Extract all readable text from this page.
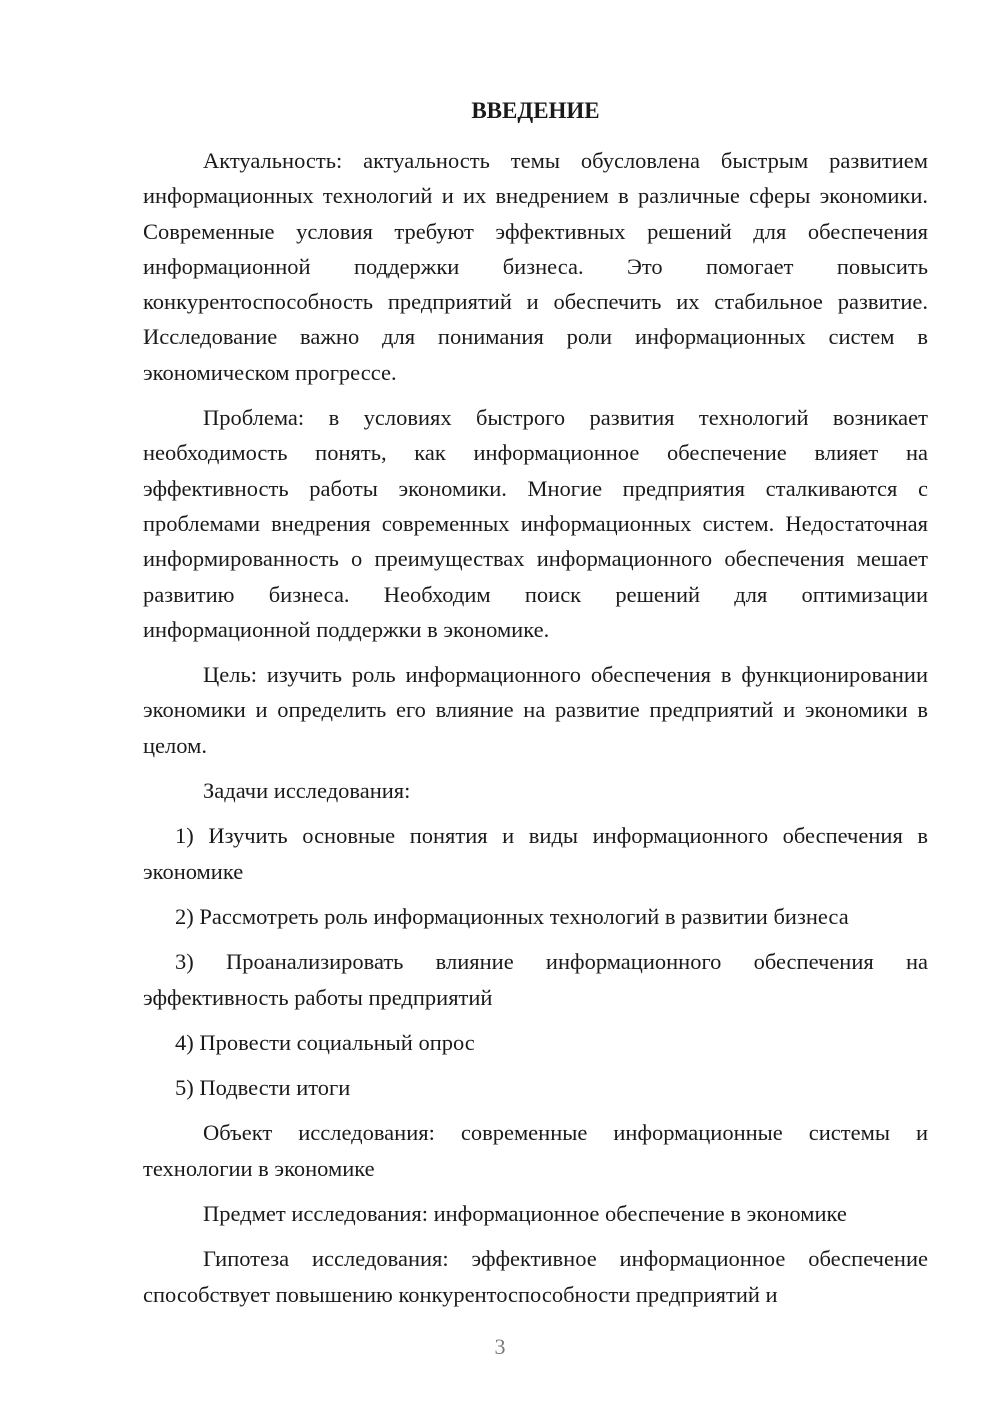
ВВЕДЕНИЕ

Актуальность: актуальность темы обусловлена быстрым развитием информационных технологий и их внедрением в различные сферы экономики. Современные условия требуют эффективных решений для обеспечения информационной поддержки бизнеса. Это помогает повысить конкурентоспособность предприятий и обеспечить их стабильное развитие. Исследование важно для понимания роли информационных систем в экономическом прогрессе.

Проблема: в условиях быстрого развития технологий возникает необходимость понять, как информационное обеспечение влияет на эффективность работы экономики. Многие предприятия сталкиваются с проблемами внедрения современных информационных систем. Недостаточная информированность о преимуществах информационного обеспечения мешает развитию бизнеса. Необходим поиск решений для оптимизации информационной поддержки в экономике.

Цель: изучить роль информационного обеспечения в функционировании экономики и определить его влияние на развитие предприятий и экономики в целом.

Задачи исследования:

1) Изучить основные понятия и виды информационного обеспечения в экономике

2) Рассмотреть роль информационных технологий в развитии бизнеса

3) Проанализировать влияние информационного обеспечения на эффективность работы предприятий

4) Провести социальный опрос

5) Подвести итоги

Объект исследования: современные информационные системы и технологии в экономике

Предмет исследования: информационное обеспечение в экономике

Гипотеза исследования: эффективное информационное обеспечение способствует повышению конкурентоспособности предприятий и

3
